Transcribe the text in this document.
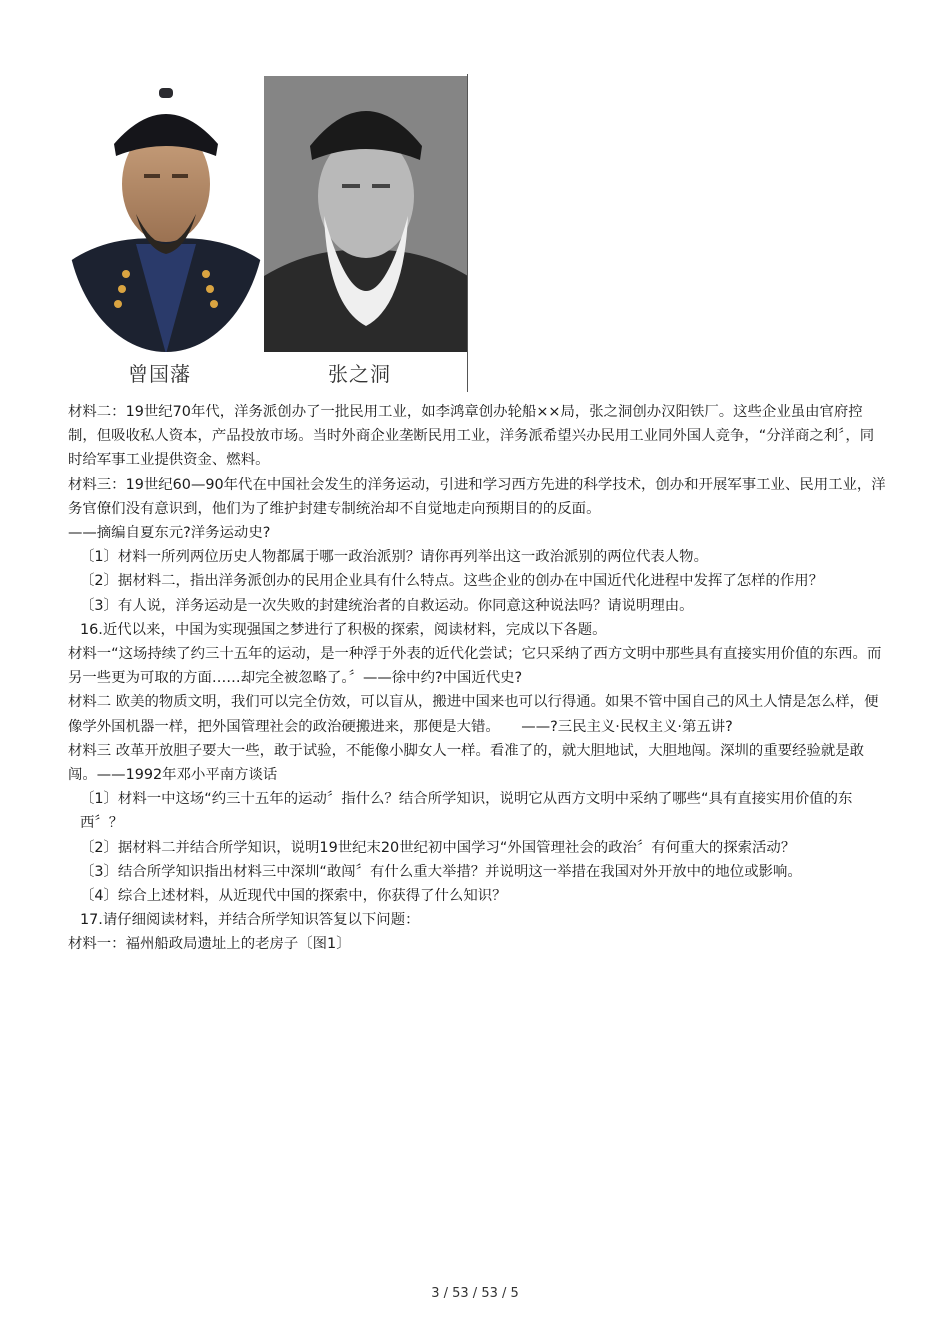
曾国藩	张之洞

材料二：19世纪70年代，洋务派创办了一批民用工业，如李鸿章创办轮船××局，张之洞创办汉阳铁厂。这些企业虽由官府控制，但吸收私人资本，产品投放市场。当时外商企业垄断民用工业，洋务派希望兴办民用工业同外国人竞争，“分洋商之利〞，同时给军事工业提供资金、燃料。

材料三：19世纪60—90年代在中国社会发生的洋务运动，引进和学习西方先进的科学技术，创办和开展军事工业、民用工业，洋务官僚们没有意识到，他们为了维护封建专制统治却不自觉地走向预期目的的反面。

——摘编自夏东元?洋务运动史?

〔1〕材料一所列两位历史人物都属于哪一政治派别？请你再列举出这一政治派别的两位代表人物。

〔2〕据材料二，指出洋务派创办的民用企业具有什么特点。这些企业的创办在中国近代化进程中发挥了怎样的作用？

〔3〕有人说，洋务运动是一次失败的封建统治者的自救运动。你同意这种说法吗？请说明理由。

16.近代以来，中国为实现强国之梦进行了积极的探索，阅读材料，完成以下各题。

材料一“这场持续了约三十五年的运动，是一种浮于外表的近代化尝试；它只采纳了西方文明中那些具有直接实用价值的东西。而另一些更为可取的方面……却完全被忽略了。〞——徐中约?中国近代史?

材料二 欧美的物质文明，我们可以完全仿效，可以盲从，搬进中国来也可以行得通。如果不管中国自己的风土人情是怎么样，便像学外国机器一样，把外国管理社会的政治硬搬进来，那便是大错。　　——?三民主义·民权主义·第五讲?

材料三 改革开放胆子要大一些，敢于试验，不能像小脚女人一样。看准了的，就大胆地试，大胆地闯。深圳的重要经验就是敢闯。——1992年邓小平南方谈话

〔1〕材料一中这场“约三十五年的运动〞指什么？结合所学知识，说明它从西方文明中采纳了哪些“具有直接实用价值的东西〞？

〔2〕据材料二并结合所学知识，说明19世纪末20世纪初中国学习“外国管理社会的政治〞有何重大的探索活动？

〔3〕结合所学知识指出材料三中深圳“敢闯〞有什么重大举措？并说明这一举措在我国对外开放中的地位或影响。

〔4〕综合上述材料，从近现代中国的探索中，你获得了什么知识？

17.请仔细阅读材料，并结合所学知识答复以下问题：

材料一：福州船政局遗址上的老房子〔图1〕

3 / 53 / 53 / 5
